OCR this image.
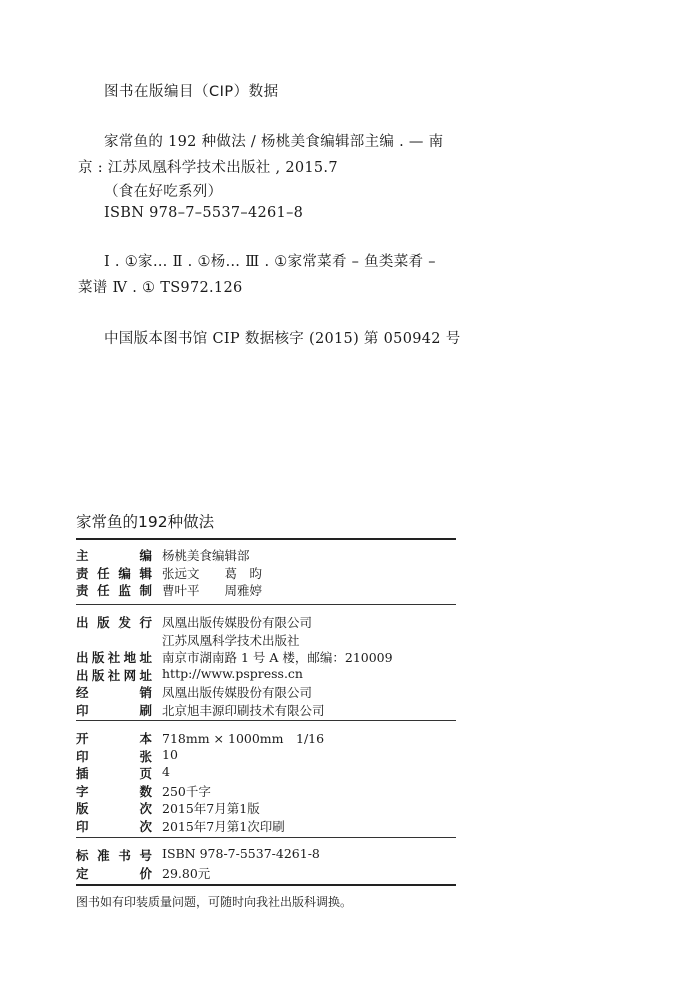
图书在版编目（CIP）数据
家常鱼的 192 种做法 / 杨桃美食编辑部主编 . — 南
京 : 江苏凤凰科学技术出版社 , 2015.7
（食在好吃系列）
ISBN 978–7–5537–4261–8
Ⅰ . ①家… Ⅱ . ①杨… Ⅲ . ①家常菜肴 – 鱼类菜肴 –
菜谱 Ⅳ . ① TS972.126
中国版本图书馆 CIP 数据核字 (2015) 第 050942 号
家常鱼的192种做法
主	编 杨桃美食编辑部
责 任 编 辑 张远文　　葛　昀
责 任 监 制 曹叶平　　周雅婷
出 版 发 行 凤凰出版传媒股份有限公司
江苏凤凰科学技术出版社
出 版 社 地 址 南京市湖南路 1 号 A 楼，邮编：210009
出 版 社 网 址 http://www.pspress.cn
经	销 凤凰出版传媒股份有限公司
印	刷 北京旭丰源印刷技术有限公司
开	本 718mm × 1000mm　1/16
印	张 10
插	页 4
字	数 250千字
版	次 2015年7月第1版
印	次 2015年7月第1次印刷
标 准 书 号 ISBN 978-7-5537-4261-8
定	价 29.80元
图书如有印装质量问题，可随时向我社出版科调换。
